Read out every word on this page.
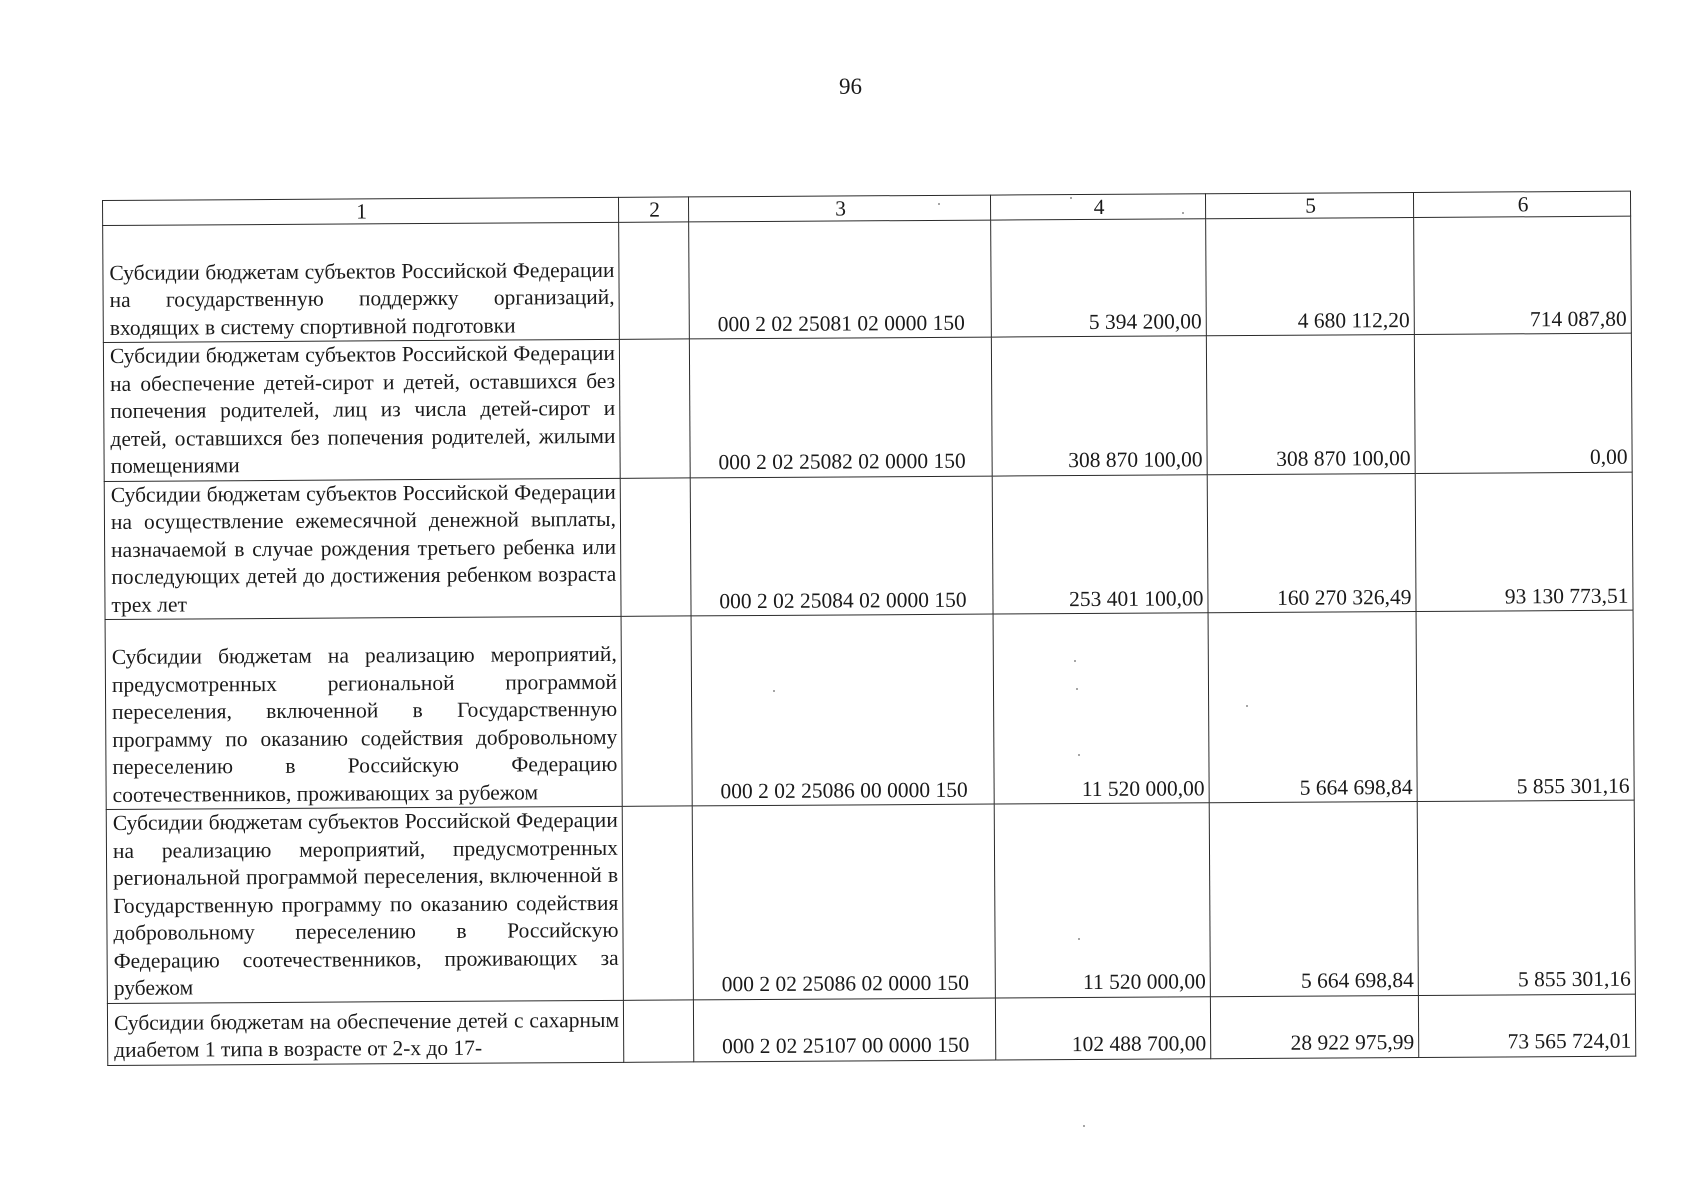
96
1	2	3	4	5	6
Субсидии бюджетам субъектов Российской Федерации на государственную поддержку организаций, входящих в систему спортивной подготовки		000 2 02 25081 02 0000 150	5 394 200,00	4 680 112,20	714 087,80
Субсидии бюджетам субъектов Российской Федерации на обеспечение детей-сирот и детей, оставшихся без попечения родителей, лиц из числа детей-сирот и детей, оставшихся без попечения родителей, жилыми помещениями		000 2 02 25082 02 0000 150	308 870 100,00	308 870 100,00	0,00
Субсидии бюджетам субъектов Российской Федерации на осуществление ежемесячной денежной выплаты, назначаемой в случае рождения третьего ребенка или последующих детей до достижения ребенком возраста трех лет		000 2 02 25084 02 0000 150	253 401 100,00	160 270 326,49	93 130 773,51
Субсидии бюджетам на реализацию мероприятий, предусмотренных региональной программой переселения, включенной в Государственную программу по оказанию содействия добровольному переселению в Российскую Федерацию соотечественников, проживающих за рубежом		000 2 02 25086 00 0000 150	11 520 000,00	5 664 698,84	5 855 301,16
Субсидии бюджетам субъектов Российской Федерации на реализацию мероприятий, предусмотренных региональной программой переселения, включенной в Государственную программу по оказанию содействия добровольному переселению в Российскую Федерацию соотечественников, проживающих за рубежом		000 2 02 25086 02 0000 150	11 520 000,00	5 664 698,84	5 855 301,16
Субсидии бюджетам на обеспечение детей с сахарным диабетом 1 типа в возрасте от 2-х до 17-		000 2 02 25107 00 0000 150	102 488 700,00	28 922 975,99	73 565 724,01
